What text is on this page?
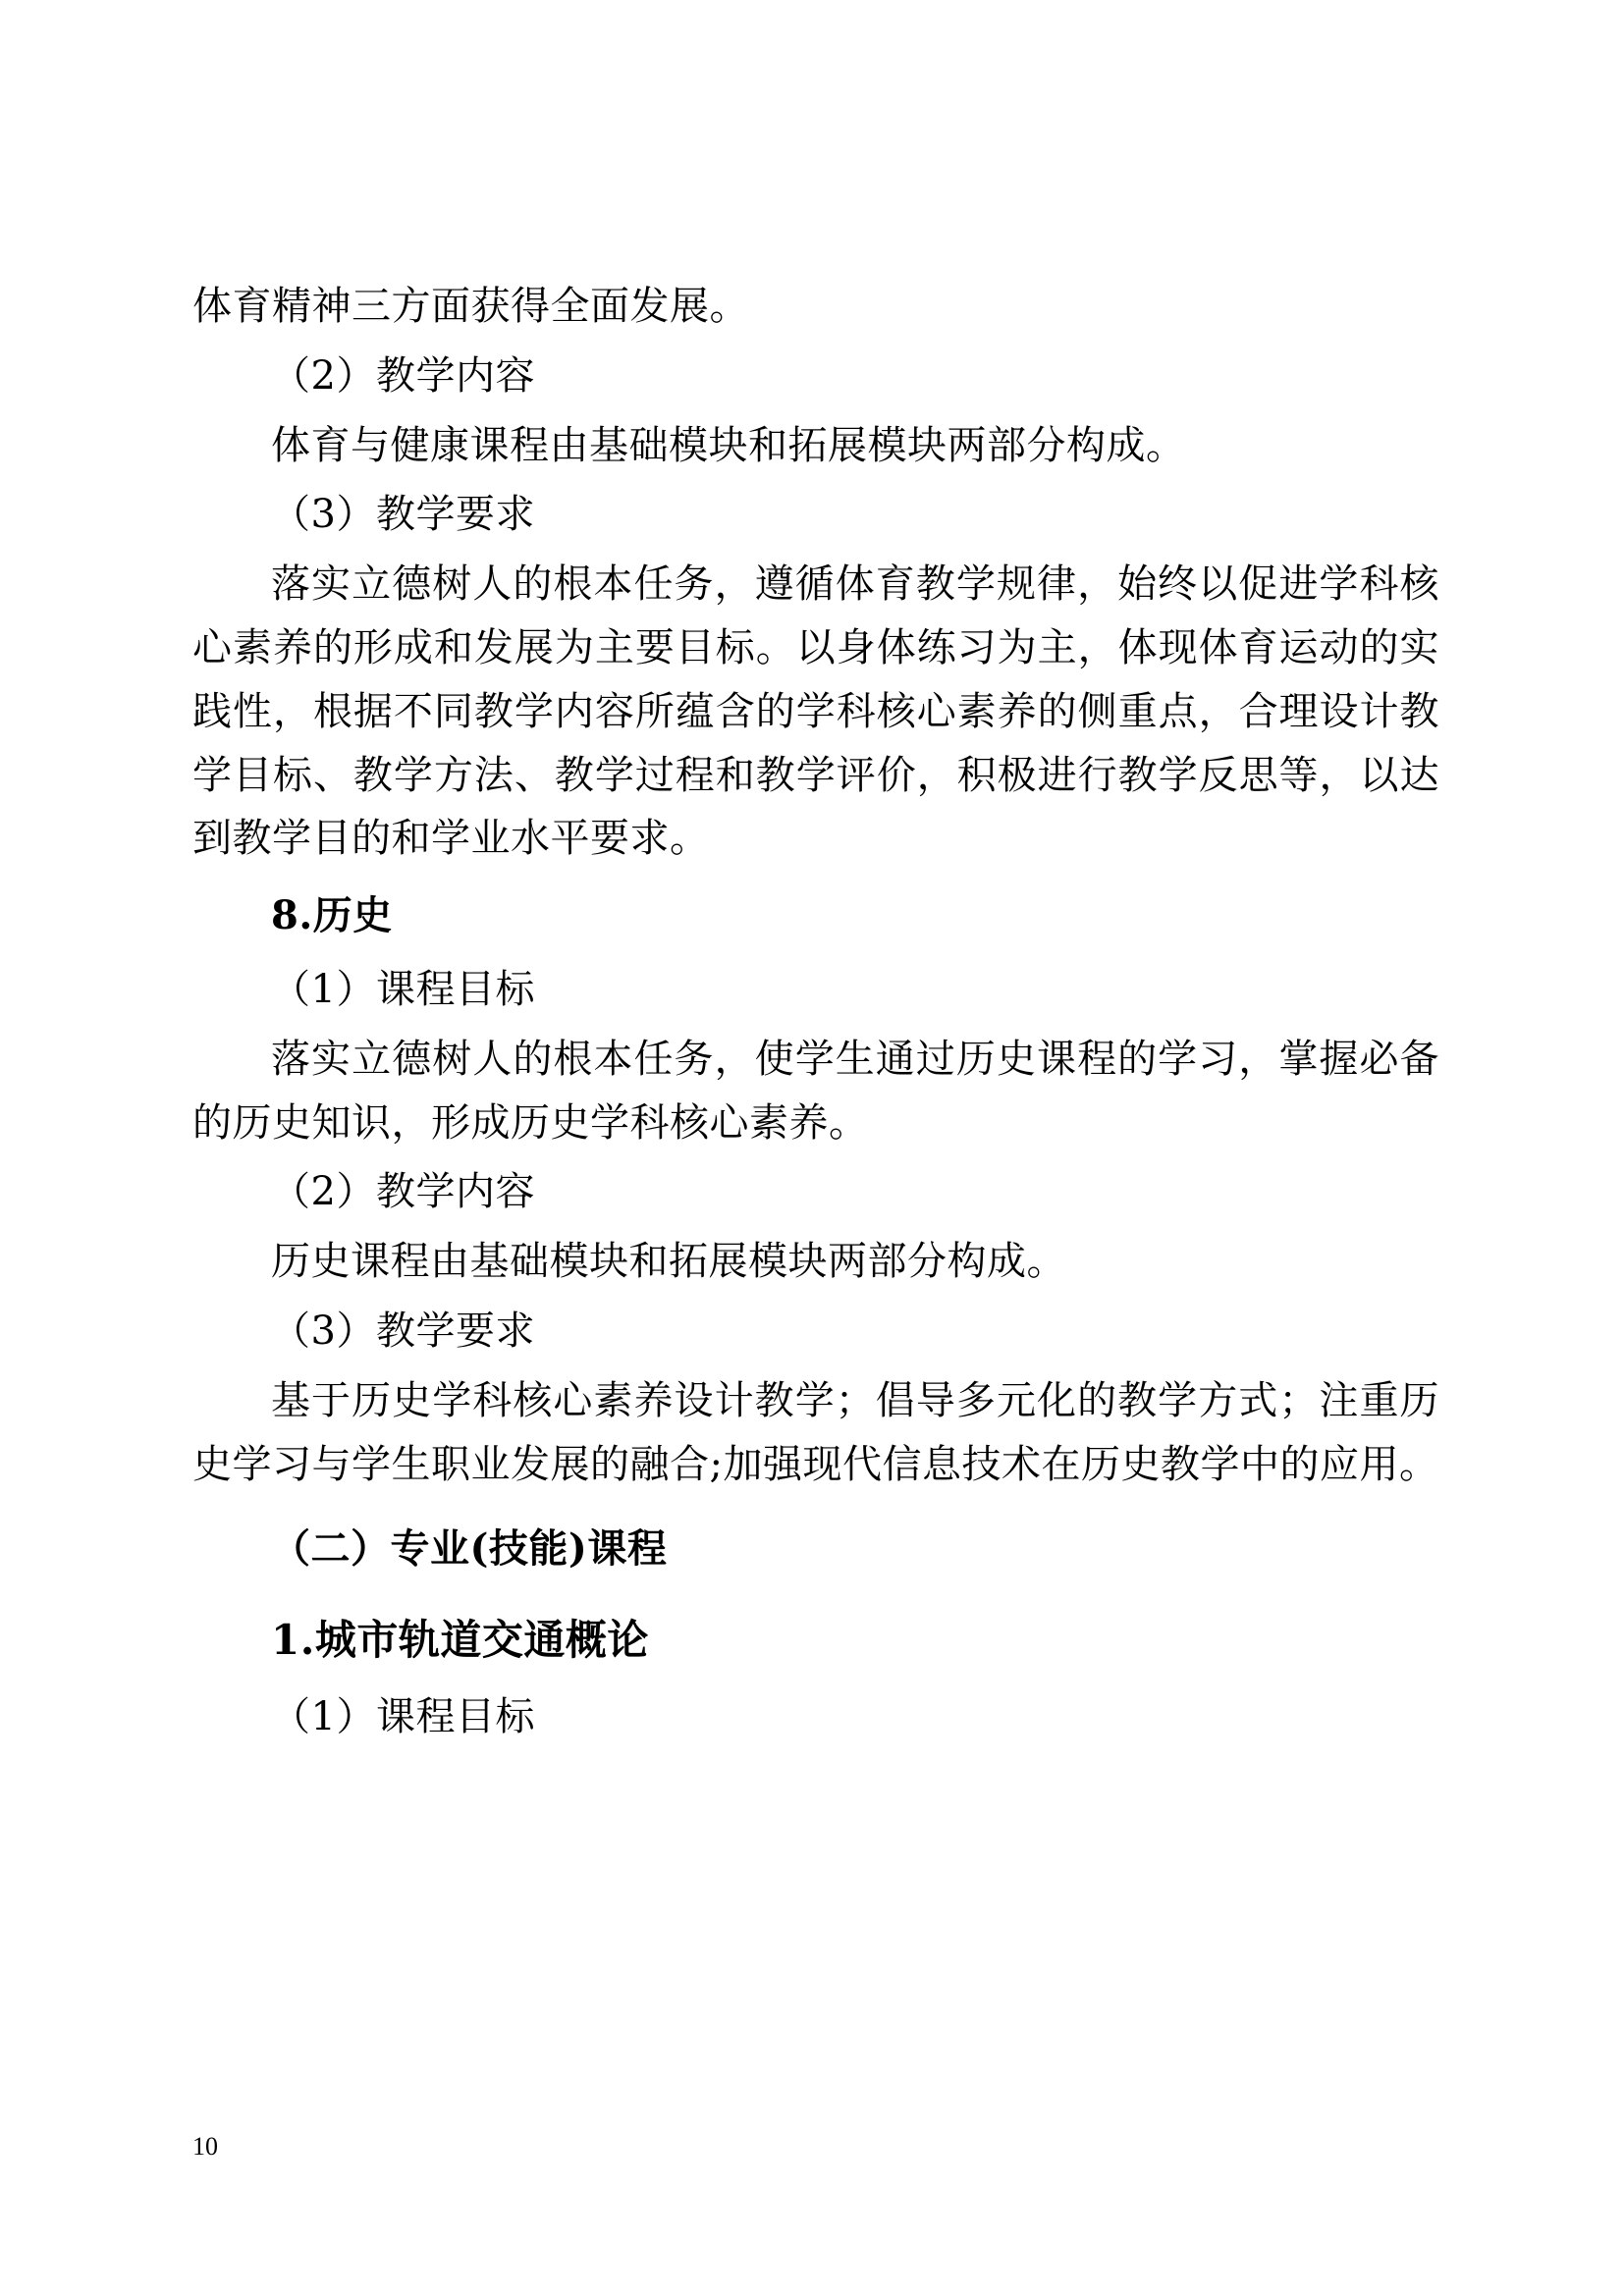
体育精神三方面获得全面发展。

（2）教学内容

体育与健康课程由基础模块和拓展模块两部分构成。

（3）教学要求

落实立德树人的根本任务，遵循体育教学规律，始终以促进学科核心素养的形成和发展为主要目标。以身体练习为主，体现体育运动的实践性，根据不同教学内容所蕴含的学科核心素养的侧重点，合理设计教学目标、教学方法、教学过程和教学评价，积极进行教学反思等，以达到教学目的和学业水平要求。

8.历史

（1）课程目标

落实立德树人的根本任务，使学生通过历史课程的学习，掌握必备的历史知识，形成历史学科核心素养。

（2）教学内容

历史课程由基础模块和拓展模块两部分构成。

（3）教学要求

基于历史学科核心素养设计教学；倡导多元化的教学方式；注重历史学习与学生职业发展的融合;加强现代信息技术在历史教学中的应用。

（二）专业(技能)课程

1.城市轨道交通概论

（1）课程目标

10
